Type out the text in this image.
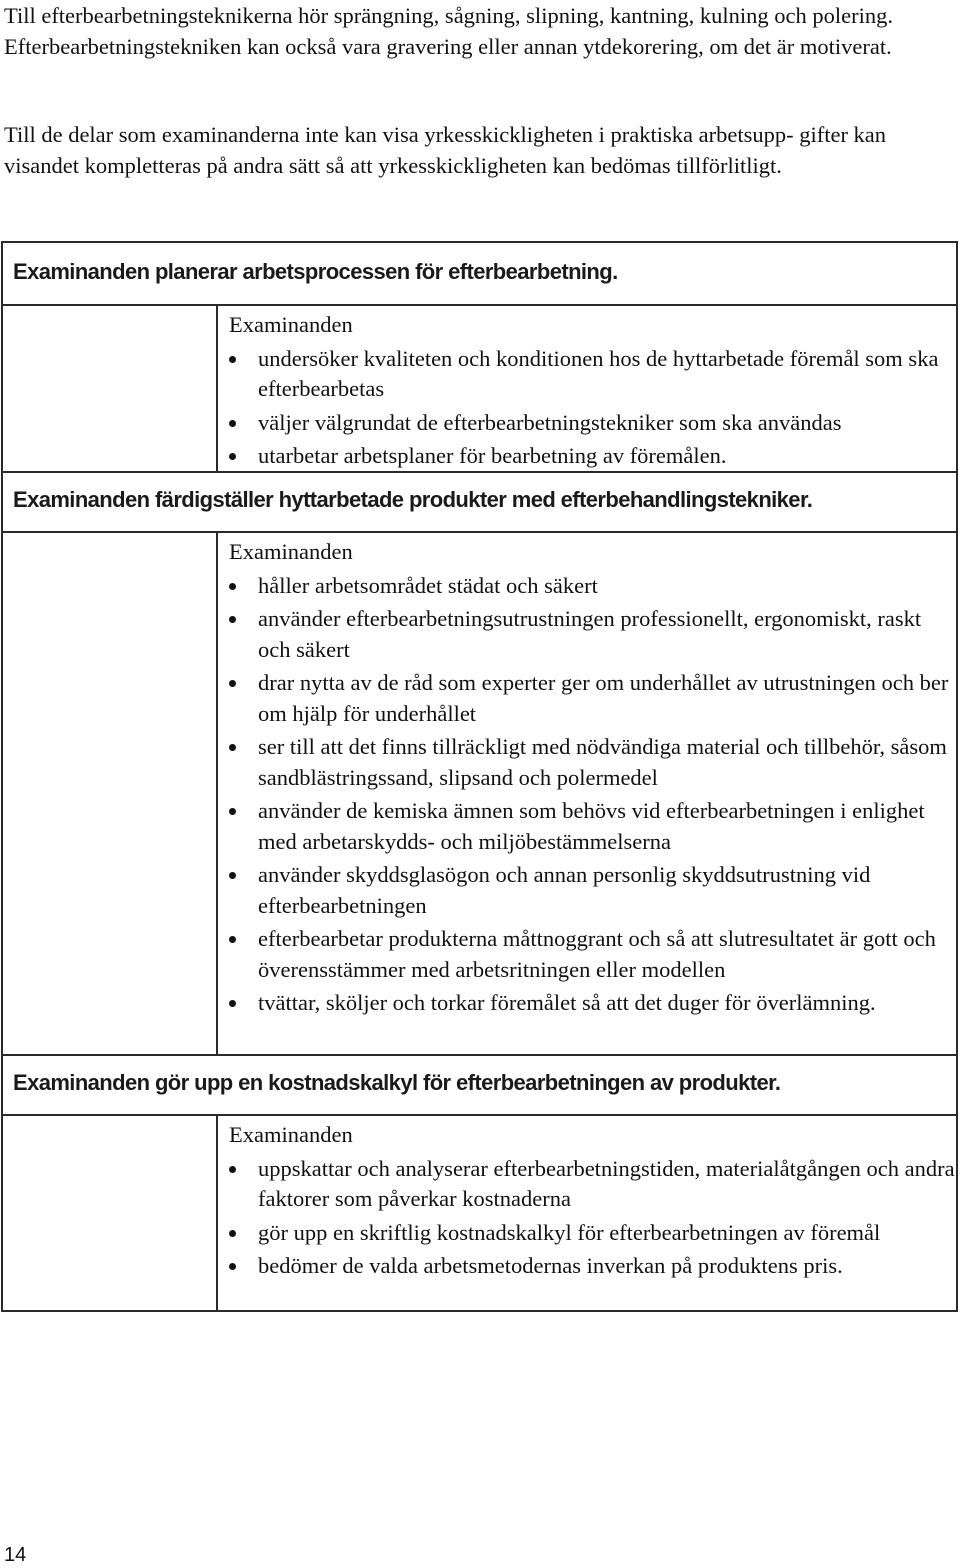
Till efterbearbetningsteknikerna hör sprängning, sågning, slipning, kantning, kulning och polering. Efterbearbetningstekniken kan också vara gravering eller annan ytdekorering, om det är motiverat.

Till de delar som examinanderna inte kan visa yrkesskickligheten i praktiska arbetsupp- gifter kan visandet kompletteras på andra sätt så att yrkesskickligheten kan bedömas tillförlitligt.

Examinanden planerar arbetsprocessen för efterbearbetning.

Examinanden

undersöker kvaliteten och konditionen hos de hyttarbetade föremål som ska efterbearbetas
väljer välgrundat de efterbearbetningstekniker som ska användas
utarbetar arbetsplaner för bearbetning av föremålen.
Examinanden färdigställer hyttarbetade produkter med efterbehandlingstekniker.

Examinanden

håller arbetsområdet städat och säkert
använder efterbearbetningsutrustningen professionellt, ergonomiskt, raskt och säkert
drar nytta av de råd som experter ger om underhållet av utrustningen och ber om hjälp för underhållet
ser till att det finns tillräckligt med nödvändiga material och tillbehör, såsom sandblästringssand, slipsand och polermedel
använder de kemiska ämnen som behövs vid efterbearbetningen i enlighet med arbetarskydds- och miljöbestämmelserna
använder skyddsglasögon och annan personlig skyddsutrustning vid efterbearbetningen
efterbearbetar produkterna måttnoggrant och så att slutresultatet är gott och överensstämmer med arbetsritningen eller modellen
tvättar, sköljer och torkar föremålet så att det duger för överlämning.
Examinanden gör upp en kostnadskalkyl för efterbearbetningen av produkter.

Examinanden

uppskattar och analyserar efterbearbetningstiden, materialåtgången och andra faktorer som påverkar kostnaderna
gör upp en skriftlig kostnadskalkyl för efterbearbetningen av föremål
bedömer de valda arbetsmetodernas inverkan på produktens pris.
14
